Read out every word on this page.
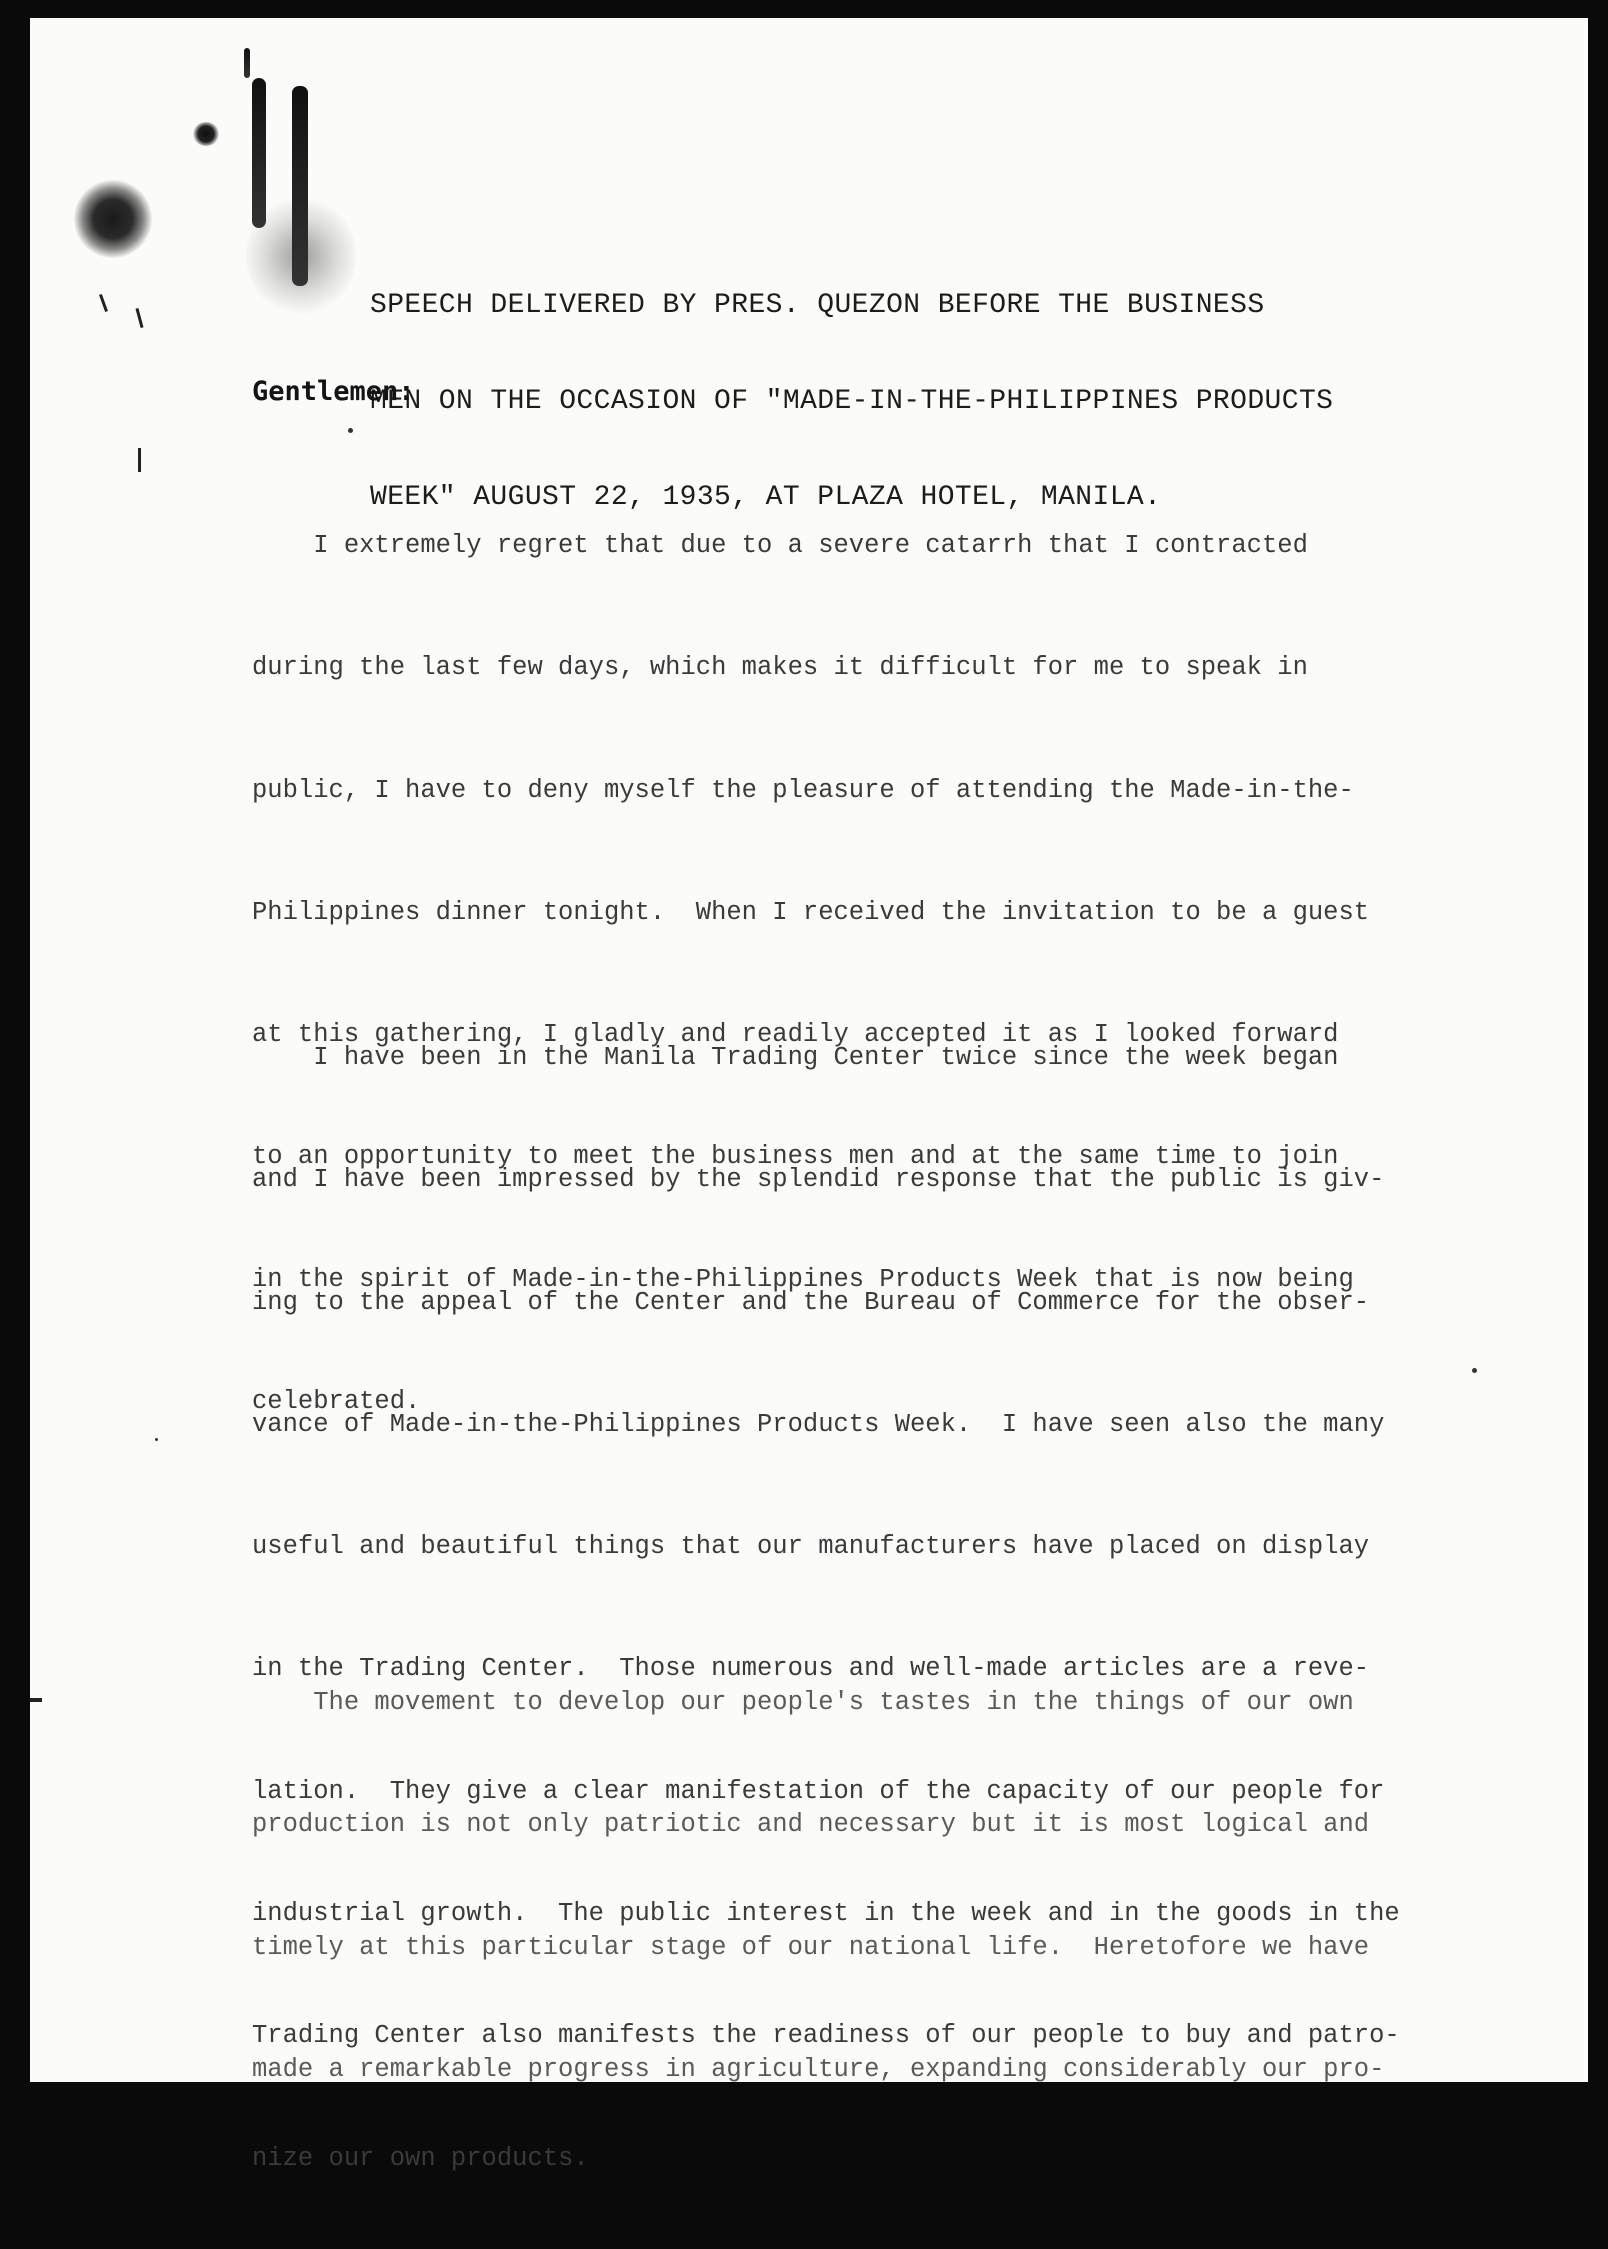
SPEECH DELIVERED BY PRES. QUEZON BEFORE THE BUSINESS

MEN ON THE OCCASION OF "MADE-IN-THE-PHILIPPINES PRODUCTS

WEEK" AUGUST 22, 1935, AT PLAZA HOTEL, MANILA.

Gentlemen:

I extremely regret that due to a severe catarrh that I contracted

during the last few days, which makes it difficult for me to speak in

public, I have to deny myself the pleasure of attending the Made-in-the-

Philippines dinner tonight.  When I received the invitation to be a guest

at this gathering, I gladly and readily accepted it as I looked forward

to an opportunity to meet the business men and at the same time to join

in the spirit of Made-in-the-Philippines Products Week that is now being

celebrated.

I have been in the Manila Trading Center twice since the week began

and I have been impressed by the splendid response that the public is giv-

ing to the appeal of the Center and the Bureau of Commerce for the obser-

vance of Made-in-the-Philippines Products Week.  I have seen also the many

useful and beautiful things that our manufacturers have placed on display

in the Trading Center.  Those numerous and well-made articles are a reve-

lation.  They give a clear manifestation of the capacity of our people for

industrial growth.  The public interest in the week and in the goods in the

Trading Center also manifests the readiness of our people to buy and patro-

nize our own products.

The movement to develop our people's tastes in the things of our own

production is not only patriotic and necessary but it is most logical and

timely at this particular stage of our national life.  Heretofore we have

made a remarkable progress in agriculture, expanding considerably our pro-
